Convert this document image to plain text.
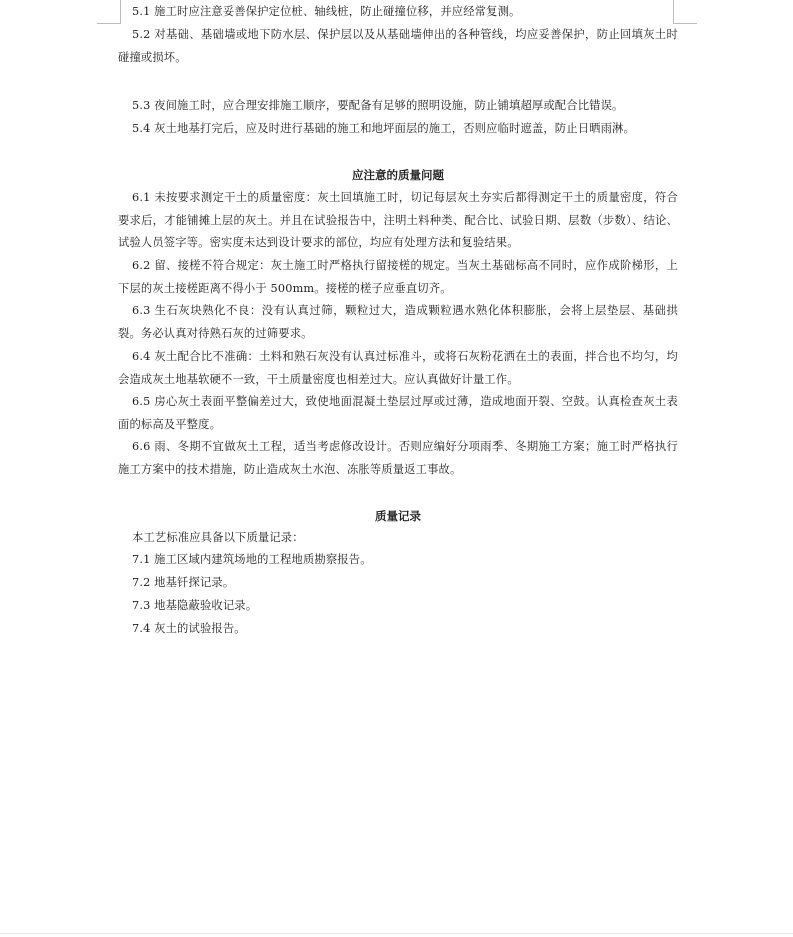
5.1 施工时应注意妥善保护定位桩、轴线桩，防止碰撞位移，并应经常复测。
5.2 对基础、基础墙或地下防水层、保护层以及从基础墙伸出的各种管线，均应妥善保护，防止回填灰土时碰撞或损坏。
5.3 夜间施工时，应合理安排施工顺序，要配备有足够的照明设施，防止铺填超厚或配合比错误。
5.4 灰土地基打完后，应及时进行基础的施工和地坪面层的施工，否则应临时遮盖，防止日晒雨淋。
应注意的质量问题
6.1 未按要求测定干土的质量密度：灰土回填施工时，切记每层灰土夯实后都得测定干土的质量密度，符合要求后，才能铺摊上层的灰土。并且在试验报告中，注明土料种类、配合比、试验日期、层数（步数）、结论、试验人员签字等。密实度未达到设计要求的部位，均应有处理方法和复验结果。
6.2 留、接槎不符合规定：灰土施工时严格执行留接槎的规定。当灰土基础标高不同时，应作成阶梯形，上下层的灰土接槎距离不得小于 500mm。接槎的槎子应垂直切齐。
6.3 生石灰块熟化不良：没有认真过筛，颗粒过大，造成颗粒遇水熟化体积膨胀，会将上层垫层、基础拱裂。务必认真对待熟石灰的过筛要求。
6.4 灰土配合比不准确：土料和熟石灰没有认真过标准斗，或将石灰粉花洒在土的表面，拌合也不均匀，均会造成灰土地基软硬不一致，干土质量密度也相差过大。应认真做好计量工作。
6.5 房心灰土表面平整偏差过大，致使地面混凝土垫层过厚或过薄，造成地面开裂、空鼓。认真检查灰土表面的标高及平整度。
6.6 雨、冬期不宜做灰土工程，适当考虑修改设计。否则应编好分项雨季、冬期施工方案；施工时严格执行施工方案中的技术措施，防止造成灰土水泡、冻胀等质量返工事故。
质量记录
本工艺标准应具备以下质量记录：
7.1 施工区域内建筑场地的工程地质勘察报告。
7.2 地基钎探记录。
7.3 地基隐蔽验收记录。
7.4 灰土的试验报告。
